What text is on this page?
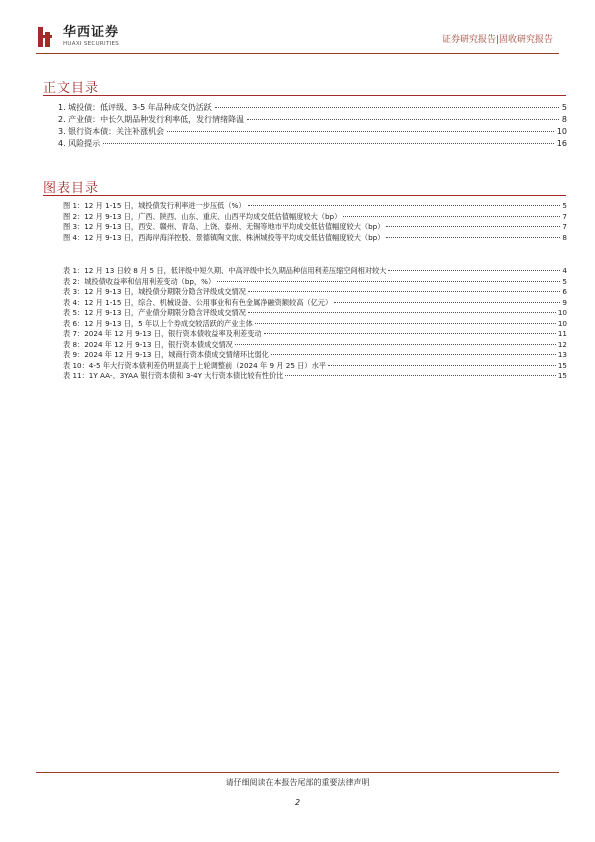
华西证券
HUAXI SECURITIES	证券研究报告|固收研究报告
正文目录
1. 城投债：低评级、3-5 年品种成交仍活跃	5
2. 产业债：中长久期品种发行利率低，发行情绪降温	8
3. 银行资本债：关注补涨机会	10
4. 风险提示	16
图表目录
图 1：12 月 1-15 日，城投债发行利率进一步压低（%）	5
图 2：12 月 9-13 日，广西、陕西、山东、重庆、山西平均成交低估值幅度较大（bp）	7
图 3：12 月 9-13 日，西安、赣州、青岛、上饶、泰州、无锡等地市平均成交低估值幅度较大（bp）	7
图 4：12 月 9-13 日，西海岸海洋控股、景德镇陶文旅、株洲城投等平均成交低估值幅度较大（bp）	8
表 1：12 月 13 日较 8 月 5 日，低评级中短久期、中高评级中长久期品种信用利差压缩空间相对较大	4
表 2：城投债收益率和信用利差变动（bp，%）	5
表 3：12 月 9-13 日，城投债分期限分隐含评级成交情况	6
表 4：12 月 1-15 日，综合、机械设备、公用事业和有色金属净融资额较高（亿元）	9
表 5：12 月 9-13 日，产业债分期限分隐含评级成交情况	10
表 6：12 月 9-13 日，5 年以上个券成交较活跃的产业主体	10
表 7：2024 年 12 月 9-13 日，银行资本债收益率及利差变动	11
表 8：2024 年 12 月 9-13 日，银行资本债成交情况	12
表 9：2024 年 12 月 9-13 日，城商行资本债成交情绪环比弱化	13
表 10：4-5 年大行资本债利差仍明显高于上轮调整前（2024 年 9 月 25 日）水平	15
表 11：1Y AA-、3YAA 银行资本债和 3-4Y 大行资本债比较有性价比	15
请仔细阅读在本报告尾部的重要法律声明
2
